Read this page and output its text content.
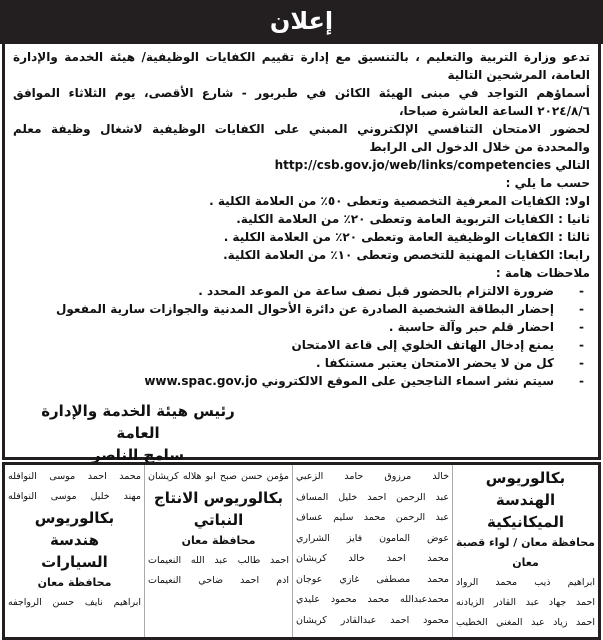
إعلان
تدعو وزارة التربية والتعليم ، بالتنسيق مع إدارة تقييم الكفايات الوظيفية/ هيئة الخدمة والإدارة العامة، المرشحين التالية
أسماؤهم التواجد في مبنى الهيئة الكائن في طبربور - شارع الأقصى، يوم الثلاثاء الموافق ٢٠٢٤/٨/٦ الساعة العاشرة صباحا،
لحضور الامتحان التنافسي الإلكتروني المبني على الكفايات الوظيفية لاشغال وظيفة معلم والمحددة من خلال الدخول الى الرابط
التالي http://csb.gov.jo/web/links/competencies
حسب ما يلي :
اولا: الكفايات المعرفية التخصصية وتعطى ٥٠٪ من العلامة الكلية .
ثانيا : الكفايات التربوية العامة وتعطى ٢٠٪ من العلامة الكلية.
ثالثا : الكفايات الوظيفية العامة وتعطى ٢٠٪ من العلامة الكلية .
رابعا: الكفايات المهنية للتخصص وتعطى ١٠٪ من العلامة الكلية.
ملاحظات هامة :
-
ضرورة الالتزام بالحضور قبل نصف ساعة من الموعد المحدد .
-
إحضار البطاقة الشخصية الصادرة عن دائرة الأحوال المدنية والجوازات سارية المفعول
-
احضار قلم حبر وآلة حاسبة .
-
يمنع إدخال الهاتف الخلوي إلى قاعة الامتحان
-
كل من لا يحضر الامتحان يعتبر مستنكفا .
-
سيتم نشر اسماء الناجحين على الموقع الالكتروني www.spac.gov.jo
رئيس هيئة الخدمة والإدارة العامة
سامح الناصر
بكالوريوس الهندسة
الميكانيكية
محافظة معان / لواء قصبة معان
ابراهيم ذيب محمد الرواد
احمد جهاد عبد القادر الزيادنه
احمد زياد عبد المغني الخطيب
خالد مرزوق حامد الزعبي
عبد الرحمن احمد خليل المساف
عبد الرحمن محمد سليم عساف
عوض المامون فايز الشراري
محمد احمد خالد كريشان
محمد مصطفى غازي عوجان
محمدعبدالله محمد محمود عليدي
محمود احمد عبدالقادر كريشان
مؤمن حسن صبح ابو هلاله كريشان
بكالوريوس الانتاج
النباتي
محافظة معان
احمد طالب عبد الله النعيمات
ادم احمد ضاحي النعيمات
محمد احمد موسى النوافله
مهند خليل موسى النوافله
بكالوريوس هندسة
السيارات
محافظة معان
ابراهيم نايف حسن الرواجفه
